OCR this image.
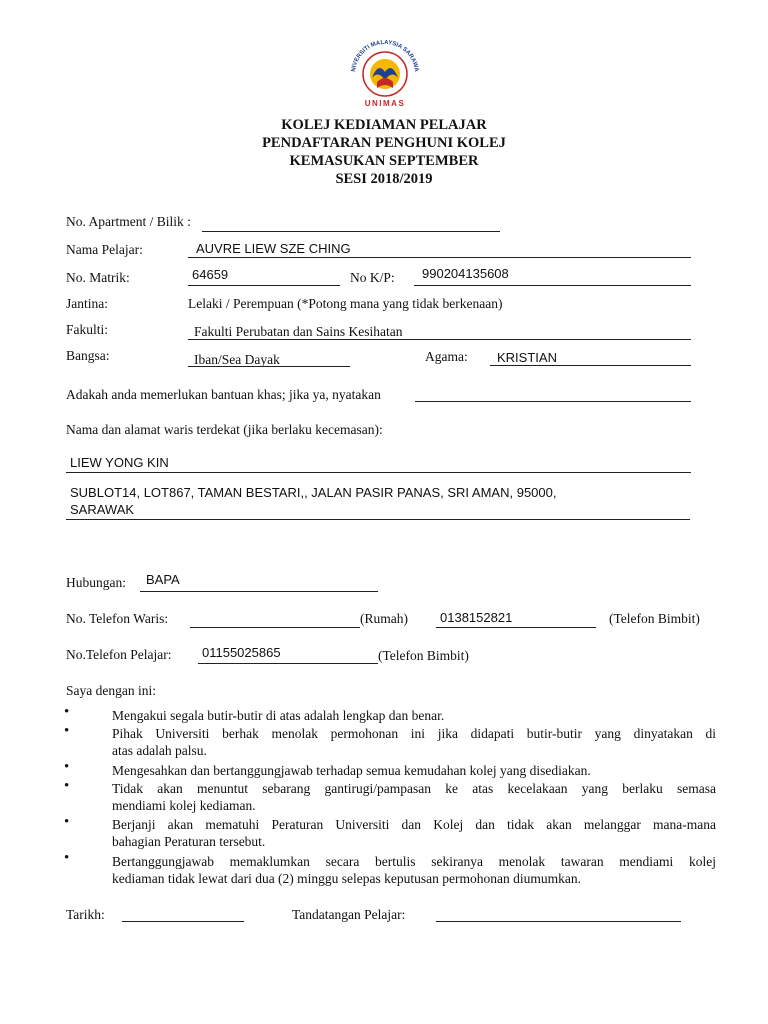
NIVERSITI MALAYSIA SARAWA
UNIMAS
KOLEJ KEDIAMAN PELAJAR
PENDAFTARAN PENGHUNI KOLEJ
KEMASUKAN SEPTEMBER
SESI 2018/2019
No. Apartment / Bilik :
Nama Pelajar:	AUVRE LIEW SZE CHING
No. Matrik:	64659	No K/P: 990204135608
Jantina:	Lelaki / Perempuan (*Potong mana yang tidak berkenaan)
Fakulti:	Fakulti Perubatan dan Sains Kesihatan
Bangsa:	Iban/Sea Dayak	Agama: KRISTIAN
Adakah anda memerlukan bantuan khas; jika ya, nyatakan
Nama dan alamat waris terdekat (jika berlaku kecemasan):
LIEW YONG KIN
SUBLOT14, LOT867, TAMAN BESTARI,, JALAN PASIR PANAS, SRI AMAN, 95000,
SARAWAK
Hubungan: BAPA
No. Telefon Waris:	(Rumah) 0138152821	(Telefon Bimbit)
No.Telefon Pelajar: 01155025865	(Telefon Bimbit)
Saya dengan ini:
•	Mengakui segala butir-butir di atas adalah lengkap dan benar.
•	Pihak Universiti berhak menolak permohonan ini jika didapati butir-butir yang dinyatakan di
atas adalah palsu.
•	Mengesahkan dan bertanggungjawab terhadap semua kemudahan kolej yang disediakan.
•	Tidak akan menuntut sebarang gantirugi/pampasan ke atas kecelakaan yang berlaku semasa
mendiami kolej kediaman.
•	Berjanji akan mematuhi Peraturan Universiti dan Kolej dan tidak akan melanggar mana-mana
bahagian Peraturan tersebut.
•	Bertanggungjawab memaklumkan secara bertulis sekiranya menolak tawaran mendiami kolej
kediaman tidak lewat dari dua (2) minggu selepas keputusan permohonan diumumkan.
Tarikh:	Tandatangan Pelajar:
